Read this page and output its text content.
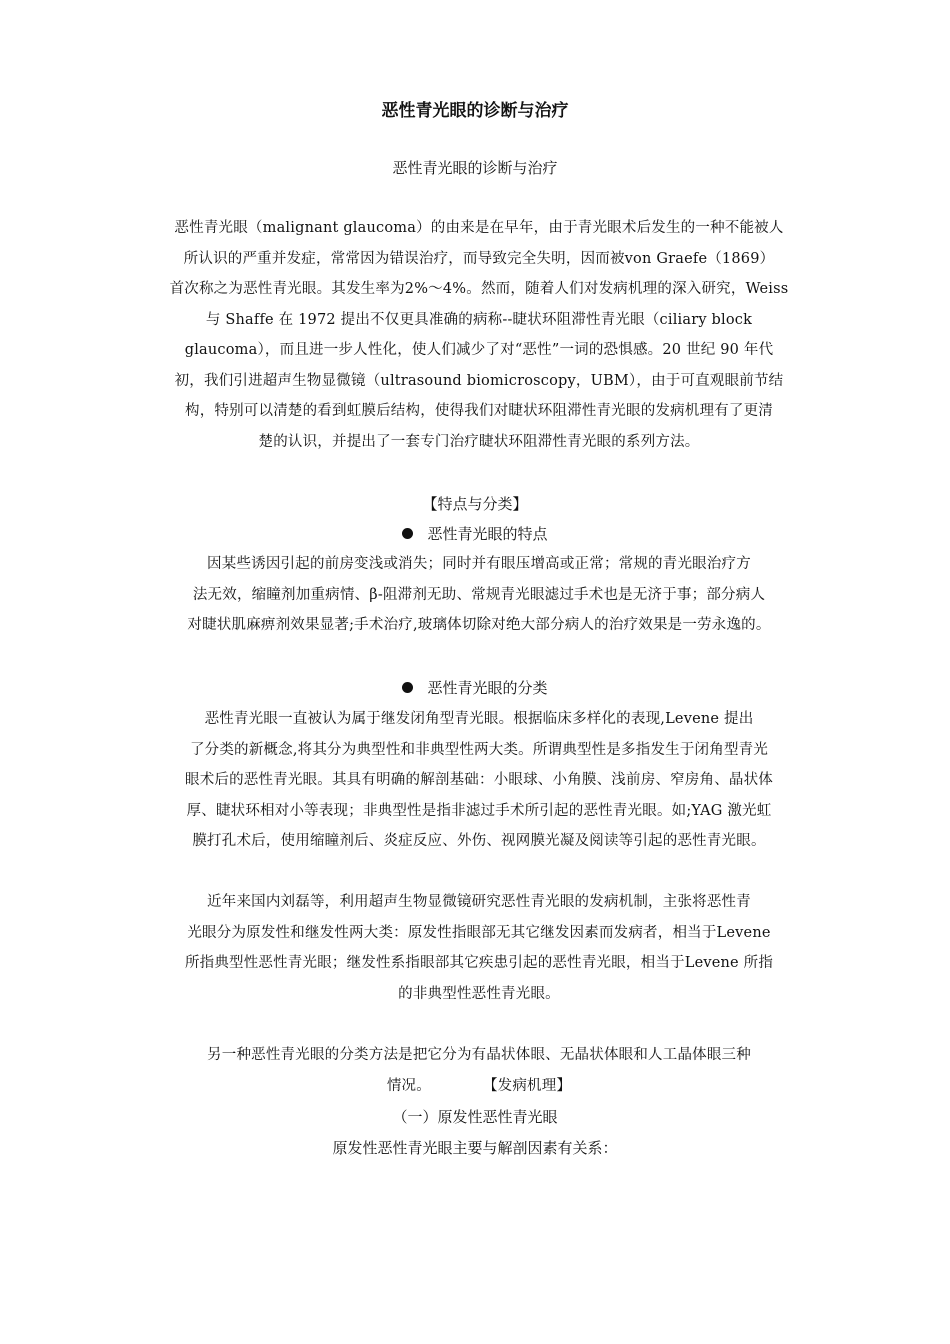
恶性青光眼的诊断与治疗
恶性青光眼的诊断与治疗
恶性青光眼（malignant glaucoma）的由来是在早年，由于青光眼术后发生的一种不能被人
所认识的严重并发症，常常因为错误治疗，而导致完全失明，因而被von Graefe（1869）
首次称之为恶性青光眼。其发生率为2%～4%。然而，随着人们对发病机理的深入研究，Weiss
与 Shaffe 在 1972 提出不仅更具准确的病称--睫状环阻滞性青光眼（ciliary block
glaucoma），而且进一步人性化，使人们减少了对“恶性”一词的恐惧感。20 世纪 90 年代
初，我们引进超声生物显微镜（ultrasound biomicroscopy，UBM），由于可直观眼前节结
构，特别可以清楚的看到虹膜后结构，使得我们对睫状环阻滞性青光眼的发病机理有了更清
楚的认识，并提出了一套专门治疗睫状环阻滞性青光眼的系列方法。
【特点与分类】
恶性青光眼的特点
因某些诱因引起的前房变浅或消失；同时并有眼压增高或正常；常规的青光眼治疗方
法无效，缩瞳剂加重病情、β-阻滞剂无助、常规青光眼滤过手术也是无济于事；部分病人
对睫状肌麻痹剂效果显著;手术治疗,玻璃体切除对绝大部分病人的治疗效果是一劳永逸的。
恶性青光眼的分类
恶性青光眼一直被认为属于继发闭角型青光眼。根据临床多样化的表现,Levene 提出
了分类的新概念,将其分为典型性和非典型性两大类。所谓典型性是多指发生于闭角型青光
眼术后的恶性青光眼。其具有明确的解剖基础：小眼球、小角膜、浅前房、窄房角、晶状体
厚、睫状环相对小等表现；非典型性是指非滤过手术所引起的恶性青光眼。如;YAG 激光虹
膜打孔术后，使用缩瞳剂后、炎症反应、外伤、视网膜光凝及阅读等引起的恶性青光眼。
近年来国内刘磊等，利用超声生物显微镜研究恶性青光眼的发病机制，主张将恶性青
光眼分为原发性和继发性两大类：原发性指眼部无其它继发因素而发病者，相当于Levene
所指典型性恶性青光眼；继发性系指眼部其它疾患引起的恶性青光眼，相当于Levene 所指
的非典型性恶性青光眼。
另一种恶性青光眼的分类方法是把它分为有晶状体眼、无晶状体眼和人工晶体眼三种
情况。	【发病机理】
（一）原发性恶性青光眼
原发性恶性青光眼主要与解剖因素有关系：
